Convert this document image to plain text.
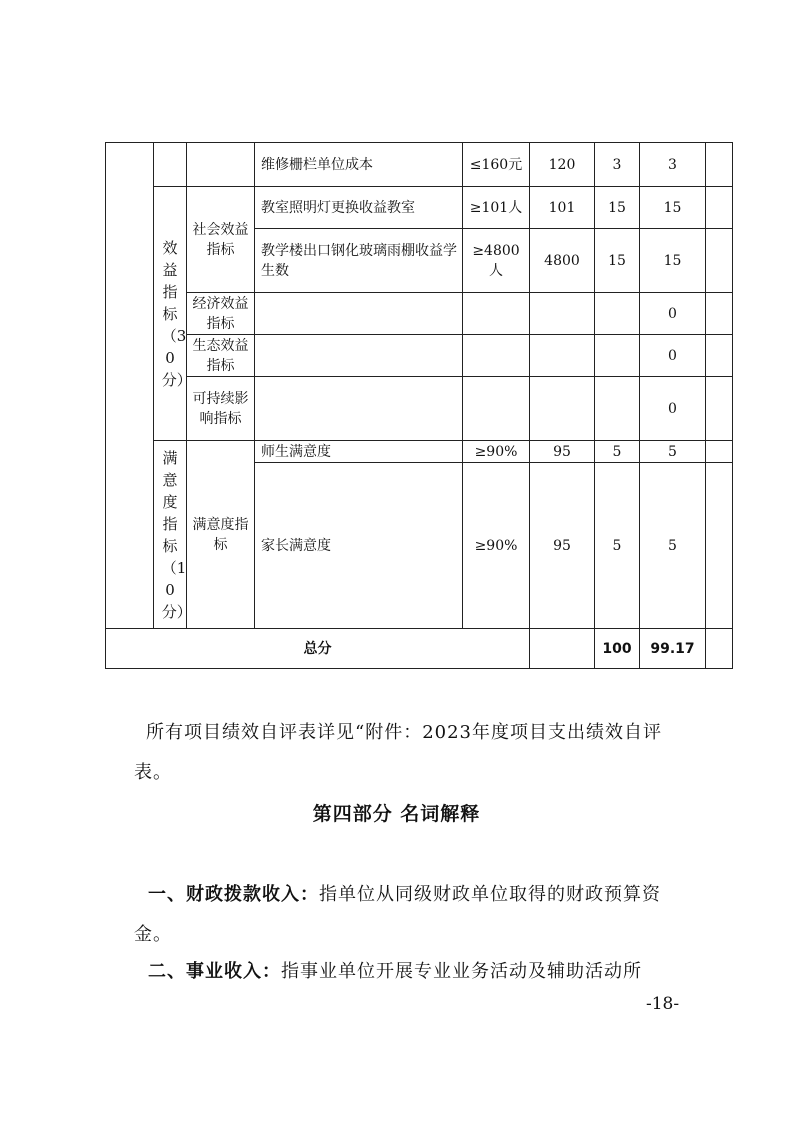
			维修栅栏单位成本	≤160元	120	3	3	
	效益指标（30分）	社会效益指标	教室照明灯更换收益教室	≥101人	101	15	15	
			教学楼出口钢化玻璃雨棚收益学生数	≥4800人	4800	15	15	
		经济效益指标					0	
		生态效益指标					0	
		可持续影响指标					0	
	满意度指标（10分）	满意度指标	师生满意度	≥90%	95	5	5	
			家长满意度	≥90%	95	5	5	
总分						100	99.17	
所有项目绩效自评表详见“附件：2023年度项目支出绩效自评表。
第四部分 名词解释
一、财政拨款收入：指单位从同级财政单位取得的财政预算资金。
二、事业收入：指事业单位开展专业业务活动及辅助活动所
-18-
